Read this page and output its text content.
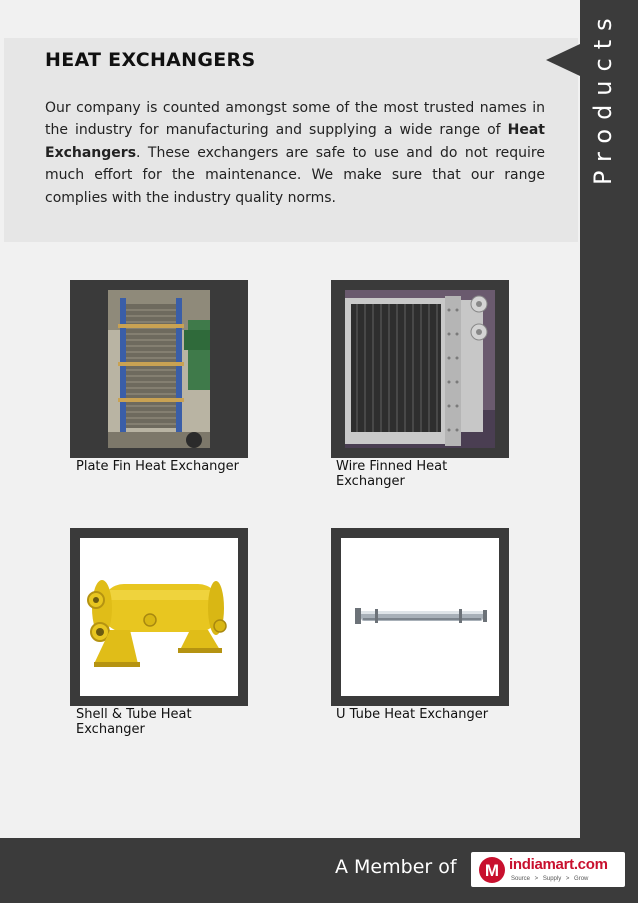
Products
HEAT EXCHANGERS

Our company is counted amongst some of the most trusted names in the industry for manufacturing and supplying a wide range of Heat Exchangers. These exchangers are safe to use and do not require much effort for the maintenance. We make sure that our range complies with the industry quality norms.

Plate Fin Heat Exchanger	Wire Finned Heat Exchanger
Shell & Tube Heat Exchanger
U Tube Heat Exchanger
A Member of M indiamart.com
Source > Supply > Grow
